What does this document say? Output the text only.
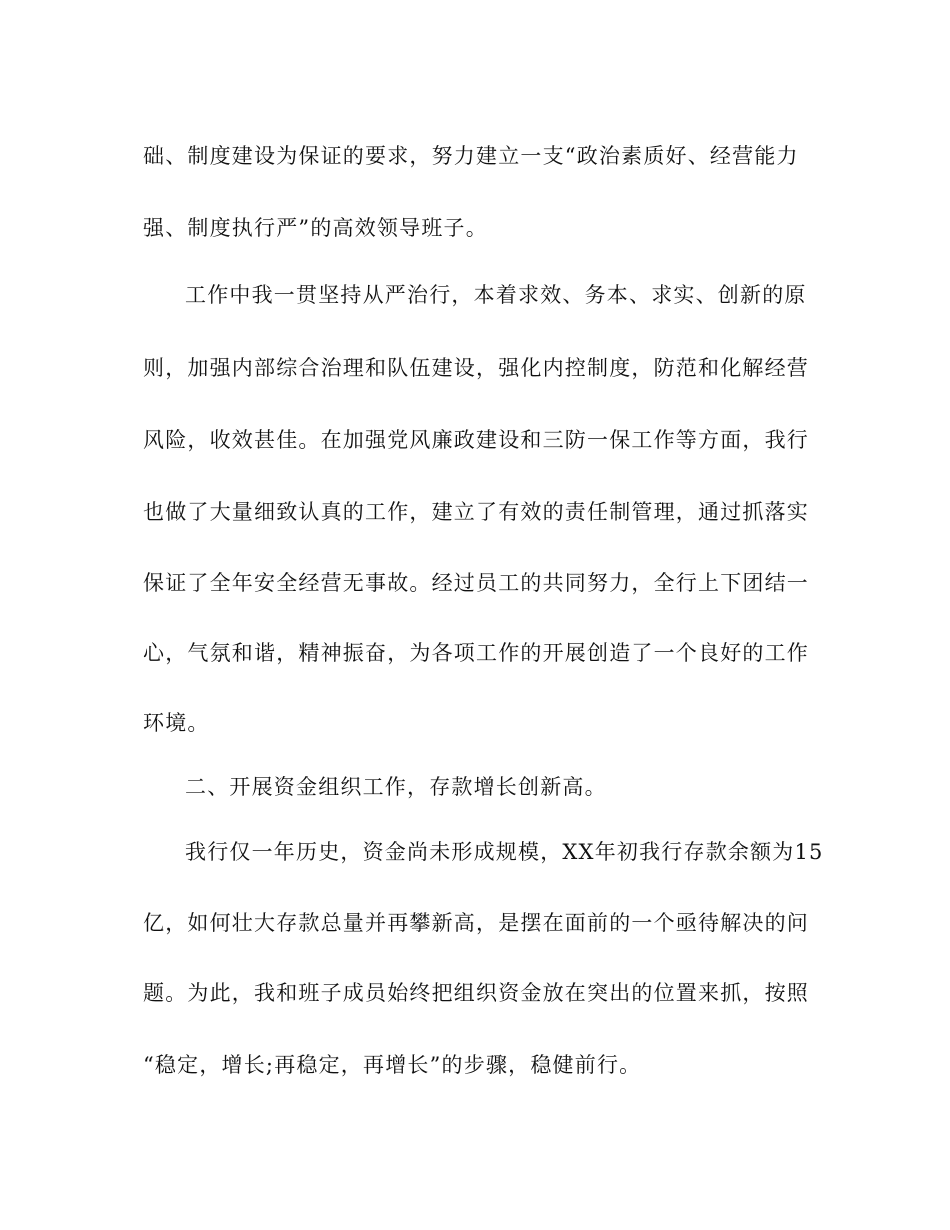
础、制度建设为保证的要求，努力建立一支“政治素质好、经营能力
强、制度执行严”的高效领导班子。
工作中我一贯坚持从严治行，本着求效、务本、求实、创新的原
则，加强内部综合治理和队伍建设，强化内控制度，防范和化解经营
风险，收效甚佳。在加强党风廉政建设和三防一保工作等方面，我行
也做了大量细致认真的工作，建立了有效的责任制管理，通过抓落实
保证了全年安全经营无事故。经过员工的共同努力，全行上下团结一
心，气氛和谐，精神振奋，为各项工作的开展创造了一个良好的工作
环境。
二、开展资金组织工作，存款增长创新高。
我行仅一年历史，资金尚未形成规模，XX年初我行存款余额为15
亿，如何壮大存款总量并再攀新高，是摆在面前的一个亟待解决的问
题。为此，我和班子成员始终把组织资金放在突出的位置来抓，按照
“稳定，增长;再稳定，再增长”的步骤，稳健前行。
